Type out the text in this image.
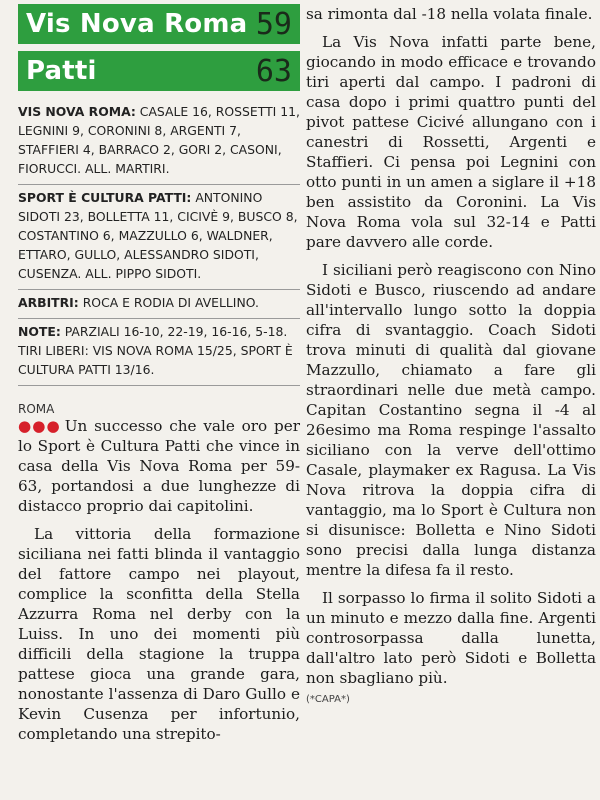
Vis Nova Roma 59
Patti	63
VIS NOVA ROMA: CASALE 16, ROSSETTI 11, LEGNINI 9, CORONINI 8, ARGENTI 7, STAFFIERI 4, BARRACO 2, GORI 2, CASONI, FIORUCCI. ALL. MARTIRI.
SPORT È CULTURA PATTI: ANTONINO SIDOTI 23, BOLLETTA 11, CICIVÈ 9, BUSCO 8, COSTANTINO 6, MAZZULLO 6, WALDNER, ETTARO, GULLO, ALESSANDRO SIDOTI, CUSENZA. ALL. PIPPO SIDOTI.
ARBITRI: ROCA E RODIA DI AVELLINO.
NOTE: PARZIALI 16-10, 22-19, 16-16, 5-18. TIRI LIBERI: VIS NOVA ROMA 15/25, SPORT È CULTURA PATTI 13/16.
ROMA

●●● Un successo che vale oro per lo Sport è Cultura Patti che vince in casa della Vis Nova Roma per 59-63, portandosi a due lunghezze di distacco proprio dai capitolini.

La vittoria della formazione siciliana nei fatti blinda il vantaggio del fattore campo nei playout, complice la sconfitta della Stella Azzurra Roma nel derby con la Luiss. In uno dei momenti più difficili della stagione la truppa pattese gioca una grande gara, nonostante l'assenza di Daro Gullo e Kevin Cusenza per infortunio, completando una strepito-

sa rimonta dal -18 nella volata finale.

La Vis Nova infatti parte bene, giocando in modo efficace e trovando tiri aperti dal campo. I padroni di casa dopo i primi quattro punti del pivot pattese Cicivé allungano con i canestri di Rossetti, Argenti e Staffieri. Ci pensa poi Legnini con otto punti in un amen a siglare il +18 ben assistito da Coronini. La Vis Nova Roma vola sul 32-14 e Patti pare davvero alle corde.

I siciliani però reagiscono con Nino Sidoti e Busco, riuscendo ad andare all'intervallo lungo sotto la doppia cifra di svantaggio. Coach Sidoti trova minuti di qualità dal giovane Mazzullo, chiamato a fare gli straordinari nelle due metà campo. Capitan Costantino segna il -4 al 26esimo ma Roma respinge l'assalto siciliano con la verve dell'ottimo Casale, playmaker ex Ragusa. La Vis Nova ritrova la doppia cifra di vantaggio, ma lo Sport è Cultura non si disunisce: Bolletta e Nino Sidoti sono precisi dalla lunga distanza mentre la difesa fa il resto.

Il sorpasso lo firma il solito Sidoti a un minuto e mezzo dalla fine. Argenti controsorpassa dalla lunetta, dall'altro lato però Sidoti e Bolletta non sbagliano più.

(*CAPA*)
